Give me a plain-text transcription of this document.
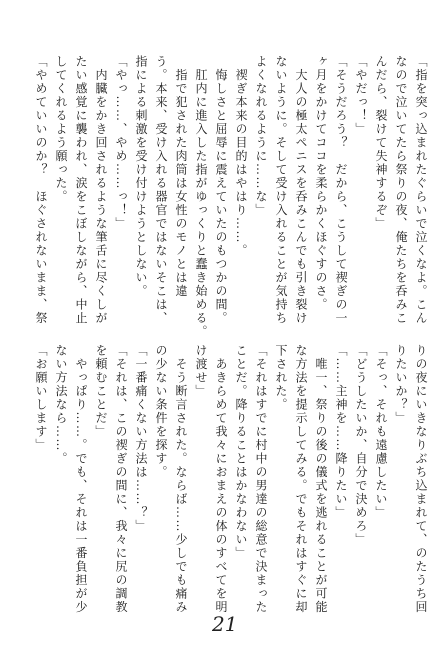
「指を突っ込まれたぐらいで泣くなよ。こん

なので泣いてたら祭りの夜、俺たちを呑みこ

んだら、裂けて失神するぞ」

「やだっ！」

「そうだろう？　だから、こうして禊ぎの一

ヶ月をかけてココを柔らかくほぐすのさ。

　大人の極太ペニスを呑みこんでも引き裂け

ないように。そして受け入れることが気持ち

よくなれるように……な」

　禊ぎ本来の目的はやはり……。

　悔しさと屈辱に震えていたのもつかの間。

　肛内に進入した指がゆっくりと蠢き始める。

　指で犯された肉筒は女性のモノとは違

う。本来、受け入れる器官ではないそこは、

指による刺激を受け付けようとしない。

「やっ……、やめ……っ！」

　内臓をかき回されるような筆舌に尽くしが

たい感覚に襲われ、涙をこぼしながら、中止

してくれるよう願った。

「やめていいのか？　ほぐされないまま、祭

りの夜にいきなりぶち込まれて、のたうち回

りたいか？」

「そっ、それも遠慮したい」

「どうしたいか、自分で決めろ」

「……主神を……降りたい」

　唯一、祭りの後の儀式を逃れることが可能

な方法を提示してみる。でもそれはすぐに却

下された。

「それはすでに村中の男達の総意で決まった

ことだ。降りることはかなわない」

　あきらめて我々におまえの体のすべてを明

け渡せ」

　そう断言された。ならば……少しでも痛み

の少ない条件を探す。

「一番痛くない方法は……？」

「それは、この禊ぎの間に、我々に尻の調教

を頼むことだ」

　やっぱり……。でも、それは一番負担が少

ない方法なら……。

「お願いします」

21
